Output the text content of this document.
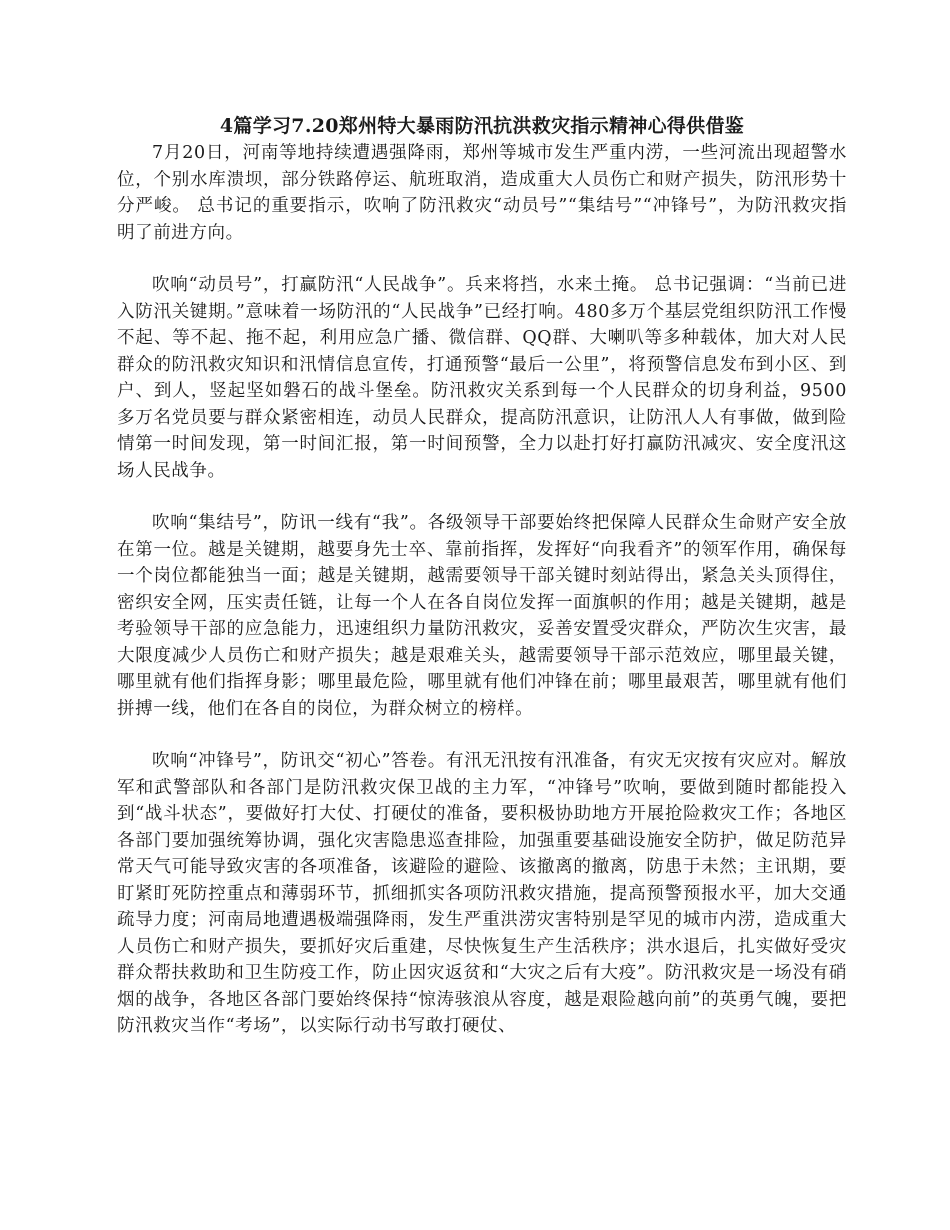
4篇学习7.20郑州特大暴雨防汛抗洪救灾指示精神心得供借鉴

7月20日，河南等地持续遭遇强降雨，郑州等城市发生严重内涝，一些河流出现超警水位，个别水库溃坝，部分铁路停运、航班取消，造成重大人员伤亡和财产损失，防汛形势十分严峻。 总书记的重要指示，吹响了防汛救灾“动员号”“集结号”“冲锋号”，为防汛救灾指明了前进方向。

吹响“动员号”，打赢防汛“人民战争”。兵来将挡，水来土掩。 总书记强调：“当前已进入防汛关键期。”意味着一场防汛的“人民战争”已经打响。480多万个基层党组织防汛工作慢不起、等不起、拖不起，利用应急广播、微信群、QQ群、大喇叭等多种载体，加大对人民群众的防汛救灾知识和汛情信息宣传，打通预警“最后一公里”，将预警信息发布到小区、到户、到人，竖起坚如磐石的战斗堡垒。防汛救灾关系到每一个人民群众的切身利益，9500多万名党员要与群众紧密相连，动员人民群众，提高防汛意识，让防汛人人有事做，做到险情第一时间发现，第一时间汇报，第一时间预警，全力以赴打好打赢防汛减灾、安全度汛这场人民战争。

吹响“集结号”，防讯一线有“我”。各级领导干部要始终把保障人民群众生命财产安全放在第一位。越是关键期，越要身先士卒、靠前指挥，发挥好“向我看齐”的领军作用，确保每一个岗位都能独当一面；越是关键期，越需要领导干部关键时刻站得出，紧急关头顶得住，密织安全网，压实责任链，让每一个人在各自岗位发挥一面旗帜的作用；越是关键期，越是考验领导干部的应急能力，迅速组织力量防汛救灾，妥善安置受灾群众，严防次生灾害，最大限度减少人员伤亡和财产损失；越是艰难关头，越需要领导干部示范效应，哪里最关键，哪里就有他们指挥身影；哪里最危险，哪里就有他们冲锋在前；哪里最艰苦，哪里就有他们拼搏一线，他们在各自的岗位，为群众树立的榜样。

吹响“冲锋号”，防讯交“初心”答卷。有汛无汛按有汛准备，有灾无灾按有灾应对。解放军和武警部队和各部门是防汛救灾保卫战的主力军，“冲锋号”吹响，要做到随时都能投入到“战斗状态”，要做好打大仗、打硬仗的准备，要积极协助地方开展抢险救灾工作；各地区各部门要加强统筹协调，强化灾害隐患巡查排险，加强重要基础设施安全防护，做足防范异常天气可能导致灾害的各项准备，该避险的避险、该撤离的撤离，防患于未然；主讯期，要盯紧盯死防控重点和薄弱环节，抓细抓实各项防汛救灾措施，提高预警预报水平，加大交通疏导力度；河南局地遭遇极端强降雨，发生严重洪涝灾害特别是罕见的城市内涝，造成重大人员伤亡和财产损失，要抓好灾后重建，尽快恢复生产生活秩序；洪水退后，扎实做好受灾群众帮扶救助和卫生防疫工作，防止因灾返贫和“大灾之后有大疫”。防汛救灾是一场没有硝烟的战争，各地区各部门要始终保持“惊涛骇浪从容度，越是艰险越向前”的英勇气魄，要把防汛救灾当作“考场”，以实际行动书写敢打硬仗、
